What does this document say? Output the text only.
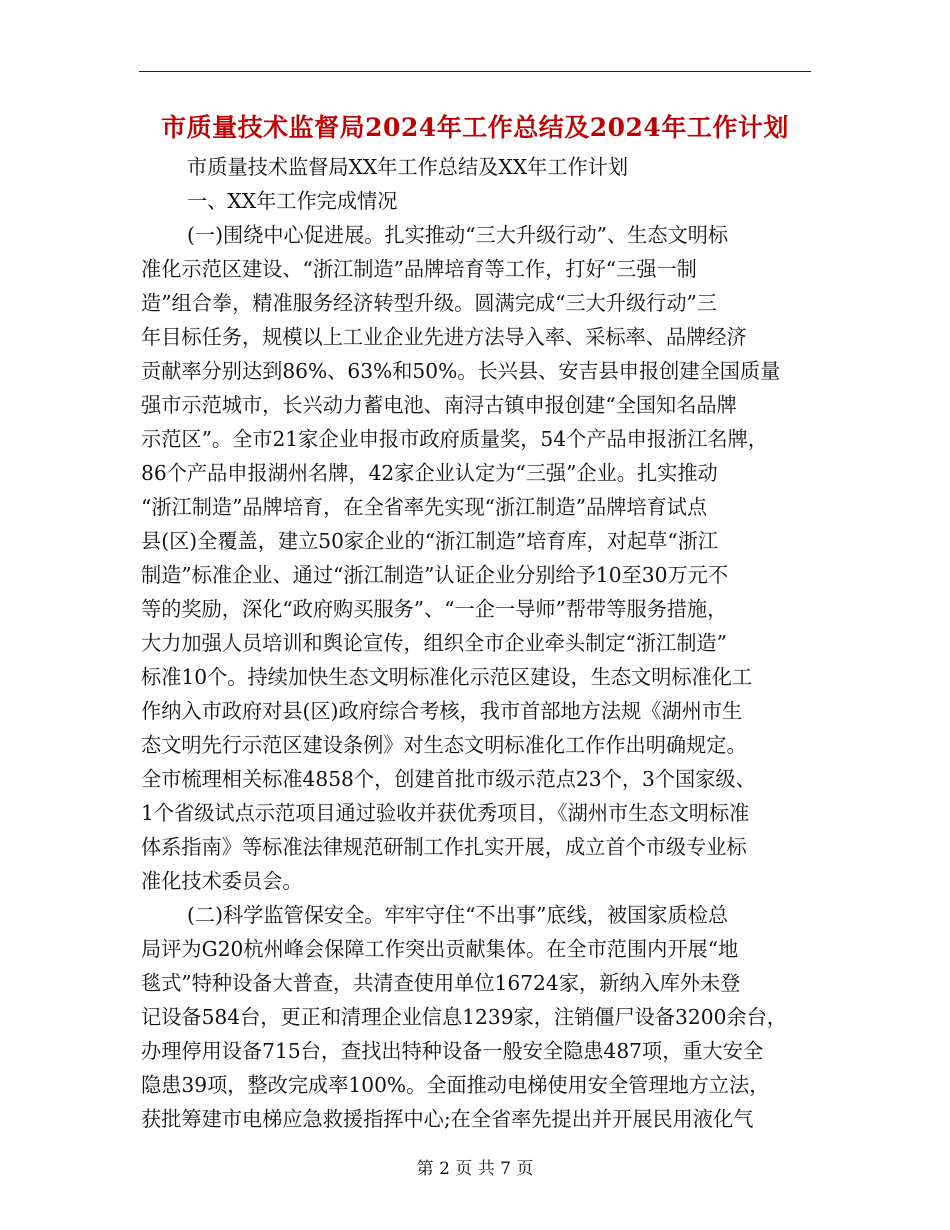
市质量技术监督局2024年工作总结及2024年工作计划
市质量技术监督局XX年工作总结及XX年工作计划
一、XX年工作完成情况
(一)围绕中心促进展。扎实推动“三大升级行动”、生态文明标
准化示范区建设、“浙江制造”品牌培育等工作，打好“三强一制
造”组合拳，精准服务经济转型升级。圆满完成“三大升级行动”三
年目标任务，规模以上工业企业先进方法导入率、采标率、品牌经济
贡献率分别达到86%、63%和50%。长兴县、安吉县申报创建全国质量
强市示范城市，长兴动力蓄电池、南浔古镇申报创建“全国知名品牌
示范区”。全市21家企业申报市政府质量奖，54个产品申报浙江名牌，
86个产品申报湖州名牌，42家企业认定为“三强”企业。扎实推动
“浙江制造”品牌培育，在全省率先实现“浙江制造”品牌培育试点
县(区)全覆盖，建立50家企业的“浙江制造”培育库，对起草“浙江
制造”标准企业、通过“浙江制造”认证企业分别给予10至30万元不
等的奖励，深化“政府购买服务”、“一企一导师”帮带等服务措施，
大力加强人员培训和舆论宣传，组织全市企业牵头制定“浙江制造”
标准10个。持续加快生态文明标准化示范区建设，生态文明标准化工
作纳入市政府对县(区)政府综合考核，我市首部地方法规《湖州市生
态文明先行示范区建设条例》对生态文明标准化工作作出明确规定。
全市梳理相关标准4858个，创建首批市级示范点23个，3个国家级、
1个省级试点示范项目通过验收并获优秀项目，《湖州市生态文明标准
体系指南》等标准法律规范研制工作扎实开展，成立首个市级专业标
准化技术委员会。
(二)科学监管保安全。牢牢守住“不出事”底线，被国家质检总
局评为G20杭州峰会保障工作突出贡献集体。在全市范围内开展“地
毯式”特种设备大普查，共清查使用单位16724家，新纳入库外未登
记设备584台，更正和清理企业信息1239家，注销僵尸设备3200余台，
办理停用设备715台，查找出特种设备一般安全隐患487项，重大安全
隐患39项，整改完成率100%。全面推动电梯使用安全管理地方立法，
获批筹建市电梯应急救援指挥中心;在全省率先提出并开展民用液化气
第 2 页 共 7 页
